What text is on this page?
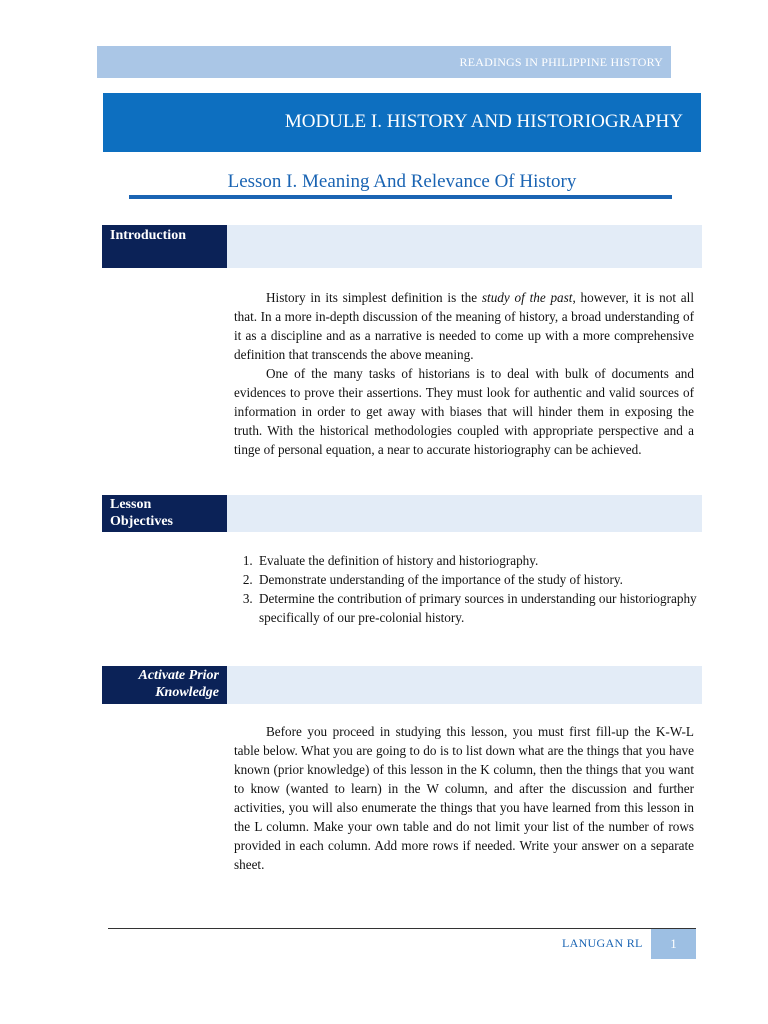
READINGS IN PHILIPPINE HISTORY
MODULE I. HISTORY AND HISTORIOGRAPHY
Lesson I. Meaning And Relevance Of History
Introduction

History in its simplest definition is the study of the past, however, it is not all that. In a more in-depth discussion of the meaning of history, a broad understanding of it as a discipline and as a narrative is needed to come up with a more comprehensive definition that transcends the above meaning.

One of the many tasks of historians is to deal with bulk of documents and evidences to prove their assertions. They must look for authentic and valid sources of information in order to get away with biases that will hinder them in exposing the truth. With the historical methodologies coupled with appropriate perspective and a tinge of personal equation, a near to accurate historiography can be achieved.

Lesson
Objectives
1. Evaluate the definition of history and historiography.
2. Demonstrate understanding of the importance of the study of history.
3. Determine the contribution of primary sources in understanding our historiography specifically of our pre-colonial history.
Activate Prior
Knowledge

Before you proceed in studying this lesson, you must first fill-up the K-W-L table below. What you are going to do is to list down what are the things that you have known (prior knowledge) of this lesson in the K column, then the things that you want to know (wanted to learn) in the W column, and after the discussion and further activities, you will also enumerate the things that you have learned from this lesson in the L column. Make your own table and do not limit your list of the number of rows provided in each column. Add more rows if needed. Write your answer on a separate sheet.

LANUGAN RL	1
